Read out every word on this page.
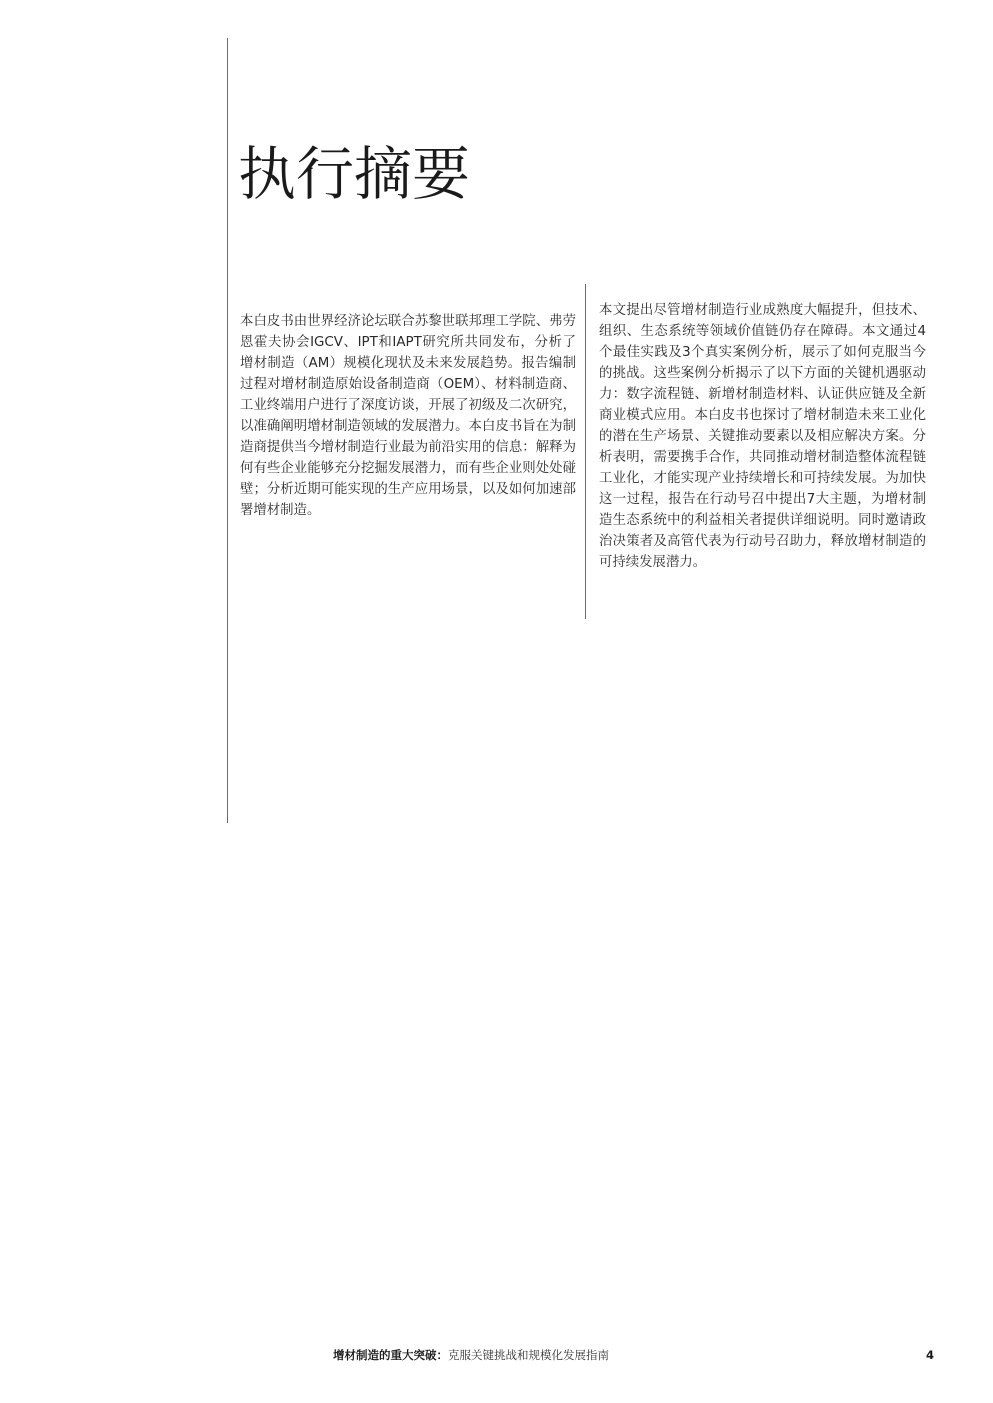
执行摘要

本白皮书由世界经济论坛联合苏黎世联邦理工学院、弗劳恩霍夫协会IGCV、IPT和IAPT研究所共同发布，分析了增材制造（AM）规模化现状及未来发展趋势。报告编制过程对增材制造原始设备制造商（OEM）、材料制造商、工业终端用户进行了深度访谈，开展了初级及二次研究，以准确阐明增材制造领域的发展潜力。本白皮书旨在为制造商提供当今增材制造行业最为前沿实用的信息：解释为何有些企业能够充分挖掘发展潜力，而有些企业则处处碰壁；分析近期可能实现的生产应用场景，以及如何加速部署增材制造。

本文提出尽管增材制造行业成熟度大幅提升，但技术、组织、生态系统等领域价值链仍存在障碍。本文通过4个最佳实践及3个真实案例分析，展示了如何克服当今的挑战。这些案例分析揭示了以下方面的关键机遇驱动力：数字流程链、新增材制造材料、认证供应链及全新商业模式应用。本白皮书也探讨了增材制造未来工业化的潜在生产场景、关键推动要素以及相应解决方案。分析表明，需要携手合作，共同推动增材制造整体流程链工业化，才能实现产业持续增长和可持续发展。为加快这一过程，报告在行动号召中提出7大主题，为增材制造生态系统中的利益相关者提供详细说明。同时邀请政治决策者及高管代表为行动号召助力，释放增材制造的可持续发展潜力。

增材制造的重大突破：克服关键挑战和规模化发展指南	4
